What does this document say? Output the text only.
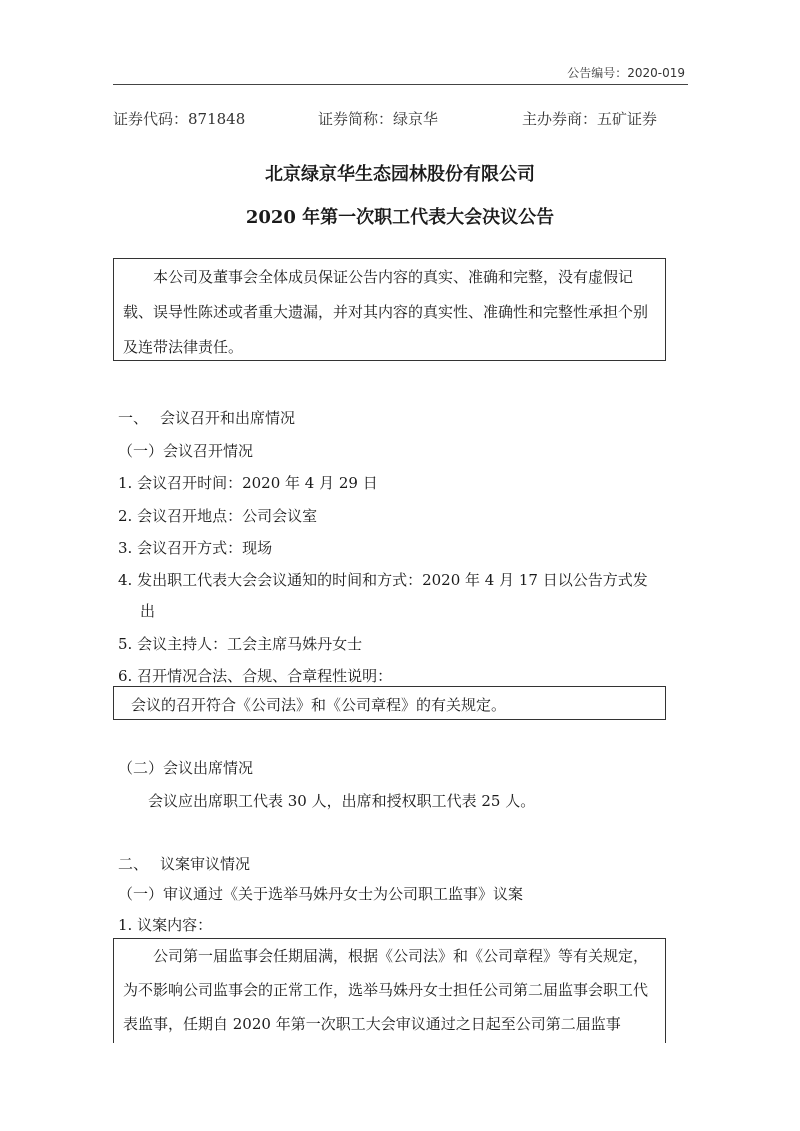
公告编号：2020-019
证券代码：871848	证券简称：绿京华	主办券商：五矿证券
北京绿京华生态园林股份有限公司
2020 年第一次职工代表大会决议公告
本公司及董事会全体成员保证公告内容的真实、准确和完整，没有虚假记载、误导性陈述或者重大遗漏，并对其内容的真实性、准确性和完整性承担个别及连带法律责任。
一、 会议召开和出席情况
（一）会议召开情况
1. 会议召开时间：2020 年 4 月 29 日
2. 会议召开地点：公司会议室
3. 会议召开方式：现场
4. 发出职工代表大会会议通知的时间和方式：2020 年 4 月 17 日以公告方式发
出
5. 会议主持人：工会主席马姝丹女士
6. 召开情况合法、合规、合章程性说明：
会议的召开符合《公司法》和《公司章程》的有关规定。
（二）会议出席情况
会议应出席职工代表 30 人，出席和授权职工代表 25 人。
二、 议案审议情况
（一）审议通过《关于选举马姝丹女士为公司职工监事》议案
1. 议案内容：
公司第一届监事会任期届满，根据《公司法》和《公司章程》等有关规定，为不影响公司监事会的正常工作，选举马姝丹女士担任公司第二届监事会职工代表监事，任期自 2020 年第一次职工大会审议通过之日起至公司第二届监事
